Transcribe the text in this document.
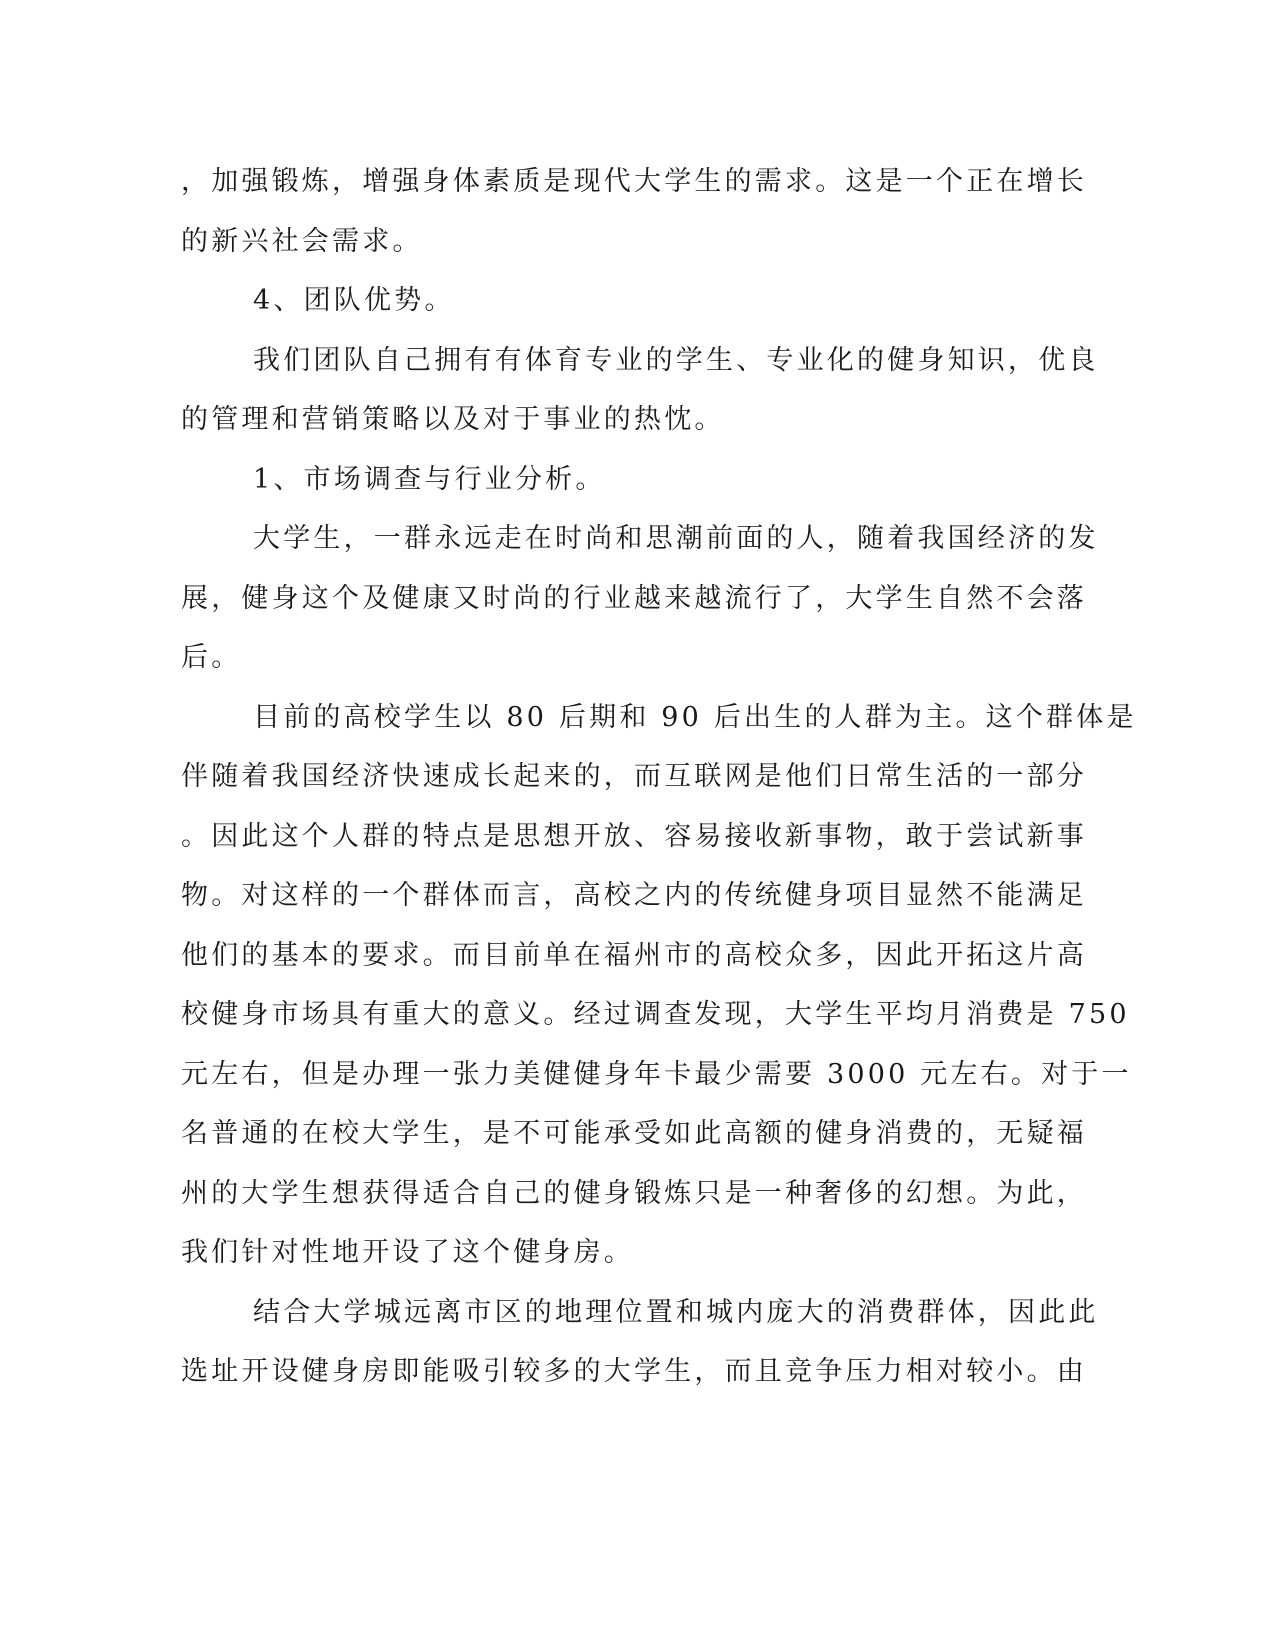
，加强锻炼，增强身体素质是现代大学生的需求。这是一个正在增长
的新兴社会需求。
4、团队优势。
我们团队自己拥有有体育专业的学生、专业化的健身知识，优良
的管理和营销策略以及对于事业的热忱。
1、市场调查与行业分析。
大学生，一群永远走在时尚和思潮前面的人，随着我国经济的发
展，健身这个及健康又时尚的行业越来越流行了，大学生自然不会落
后。
目前的高校学生以 80 后期和 90 后出生的人群为主。这个群体是
伴随着我国经济快速成长起来的，而互联网是他们日常生活的一部分
。因此这个人群的特点是思想开放、容易接收新事物，敢于尝试新事
物。对这样的一个群体而言，高校之内的传统健身项目显然不能满足
他们的基本的要求。而目前单在福州市的高校众多，因此开拓这片高
校健身市场具有重大的意义。经过调查发现，大学生平均月消费是 750
元左右，但是办理一张力美健健身年卡最少需要 3000 元左右。对于一
名普通的在校大学生，是不可能承受如此高额的健身消费的，无疑福
州的大学生想获得适合自己的健身锻炼只是一种奢侈的幻想。为此，
我们针对性地开设了这个健身房。
结合大学城远离市区的地理位置和城内庞大的消费群体，因此此
选址开设健身房即能吸引较多的大学生，而且竞争压力相对较小。由
